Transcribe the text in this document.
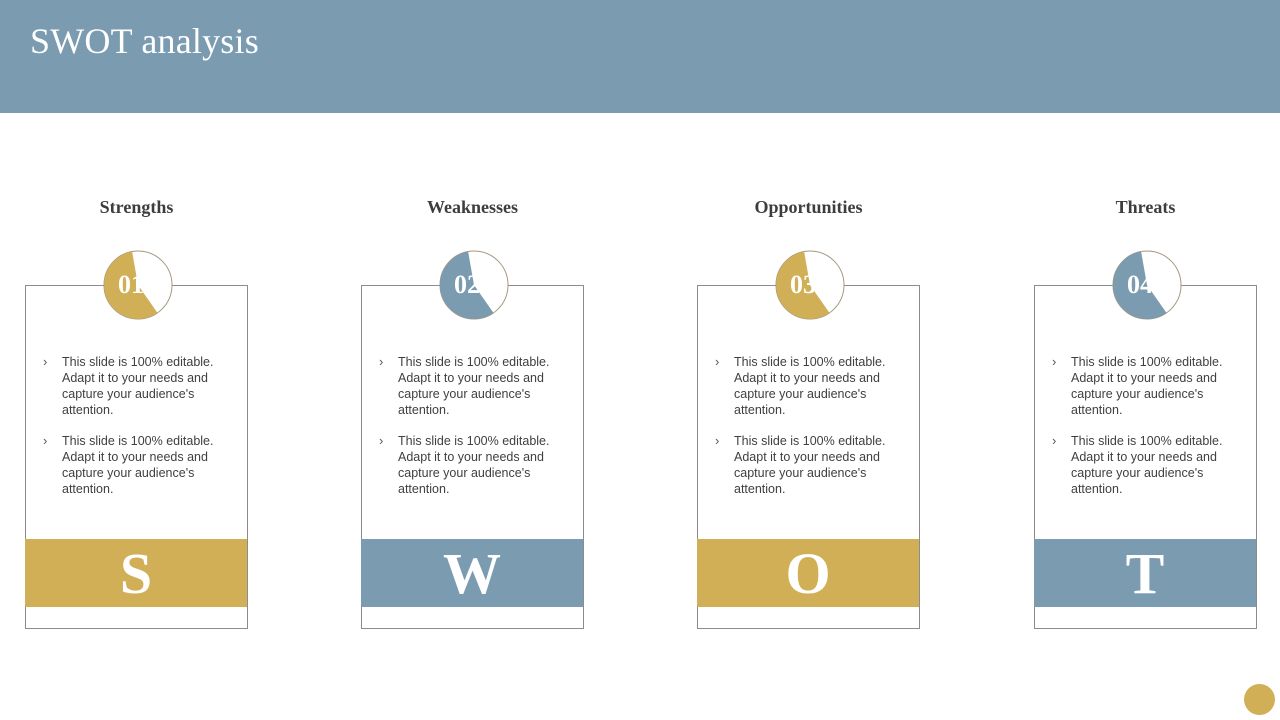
SWOT analysis
Strengths
01
› This slide is 100% editable. Adapt it to your needs and capture your audience's attention.
› This slide is 100% editable. Adapt it to your needs and capture your audience's attention.
S
Weaknesses
02
› This slide is 100% editable. Adapt it to your needs and capture your audience's attention.
› This slide is 100% editable. Adapt it to your needs and capture your audience's attention.
W
Opportunities
03
› This slide is 100% editable. Adapt it to your needs and capture your audience's attention.
› This slide is 100% editable. Adapt it to your needs and capture your audience's attention.
O
Threats
04
› This slide is 100% editable. Adapt it to your needs and capture your audience's attention.
› This slide is 100% editable. Adapt it to your needs and capture your audience's attention.
T
